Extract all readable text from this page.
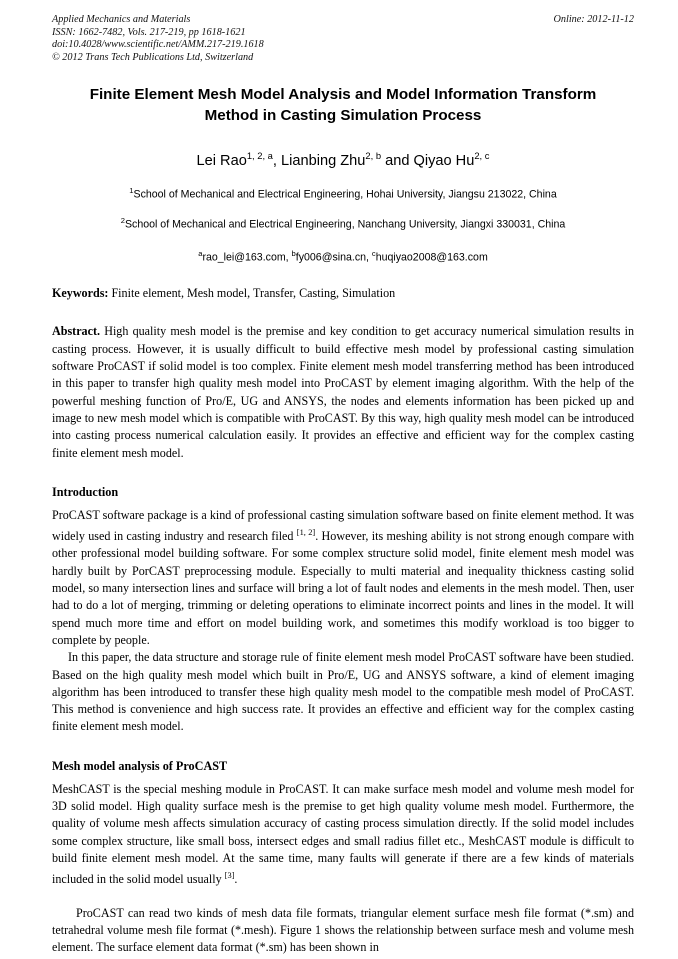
Applied Mechanics and Materials
ISSN: 1662-7482, Vols. 217-219, pp 1618-1621
doi:10.4028/www.scientific.net/AMM.217-219.1618
© 2012 Trans Tech Publications Ltd, Switzerland
Online: 2012-11-12
Finite Element Mesh Model Analysis and Model Information Transform Method in Casting Simulation Process
Lei Rao$^{1, 2, a}$, Lianbing Zhu$^{2, b}$ and Qiyao Hu$^{2, c}$
$^1$School of Mechanical and Electrical Engineering, Hohai University, Jiangsu 213022, China
$^2$School of Mechanical and Electrical Engineering, Nanchang University, Jiangxi 330031, China
$^a$rao_lei@163.com, $^b$fy006@sina.cn, $^c$huqiyao2008@163.com
Keywords: Finite element, Mesh model, Transfer, Casting, Simulation

Abstract. High quality mesh model is the premise and key condition to get accuracy numerical simulation results in casting process. However, it is usually difficult to build effective mesh model by professional casting simulation software ProCAST if solid model is too complex. Finite element mesh model transferring method has been introduced in this paper to transfer high quality mesh model into ProCAST by element imaging algorithm. With the help of the powerful meshing function of Pro/E, UG and ANSYS, the nodes and elements information has been picked up and image to new mesh model which is compatible with ProCAST. By this way, high quality mesh model can be introduced into casting process numerical calculation easily. It provides an effective and efficient way for the complex casting finite element mesh model.

Introduction

ProCAST software package is a kind of professional casting simulation software based on finite element method. It was widely used in casting industry and research filed [1, 2]. However, its meshing ability is not strong enough compare with other professional model building software. For some complex structure solid model, finite element mesh model was hardly built by PorCAST preprocessing module. Especially to multi material and inequality thickness casting solid model, so many intersection lines and surface will bring a lot of fault nodes and elements in the mesh model. Then, user had to do a lot of merging, trimming or deleting operations to eliminate incorrect points and lines in the model. It will spend much more time and effort on model building work, and sometimes this modify workload is too bigger to complete by people.

In this paper, the data structure and storage rule of finite element mesh model ProCAST software have been studied. Based on the high quality mesh model which built in Pro/E, UG and ANSYS software, a kind of element imaging algorithm has been introduced to transfer these high quality mesh model to the compatible mesh model of ProCAST. This method is convenience and high success rate. It provides an effective and efficient way for the complex casting finite element mesh model.

Mesh model analysis of ProCAST

MeshCAST is the special meshing module in ProCAST. It can make surface mesh model and volume mesh model for 3D solid model. High quality surface mesh is the premise to get high quality volume mesh model. Furthermore, the quality of volume mesh affects simulation accuracy of casting process simulation directly. If the solid model includes some complex structure, like small boss, intersect edges and small radius fillet etc., MeshCAST module is difficult to build finite element mesh model. At the same time, many faults will generate if there are a few kinds of materials included in the solid model usually [3].

ProCAST can read two kinds of mesh data file formats, triangular element surface mesh file format (*.sm) and tetrahedral volume mesh file format (*.mesh). Figure 1 shows the relationship between surface mesh and volume mesh element. The surface element data format (*.sm) has been shown in
